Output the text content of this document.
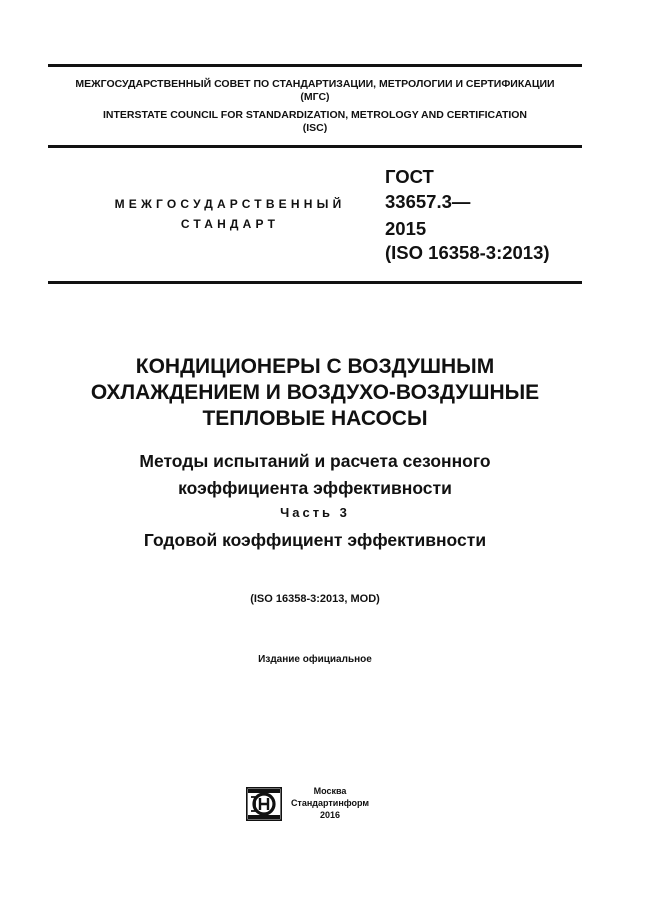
МЕЖГОСУДАРСТВЕННЫЙ СОВЕТ ПО СТАНДАРТИЗАЦИИ, МЕТРОЛОГИИ И СЕРТИФИКАЦИИ
(МГС)
INTERSTATE COUNCIL FOR STANDARDIZATION, METROLOGY AND CERTIFICATION
(ISC)
МЕЖГОСУДАРСТВЕННЫЙ
СТАНДАРТ
ГОСТ
33657.3—
2015
(ISO 16358-3:2013)
КОНДИЦИОНЕРЫ С ВОЗДУШНЫМ
ОХЛАЖДЕНИЕМ И ВОЗДУХО-ВОЗДУШНЫЕ
ТЕПЛОВЫЕ НАСОСЫ
Методы испытаний и расчета сезонного
коэффициента эффективности
Часть 3
Годовой коэффициент эффективности
(ISO 16358-3:2013, MOD)
Издание официальное
Москва
Стандартинформ
2016
